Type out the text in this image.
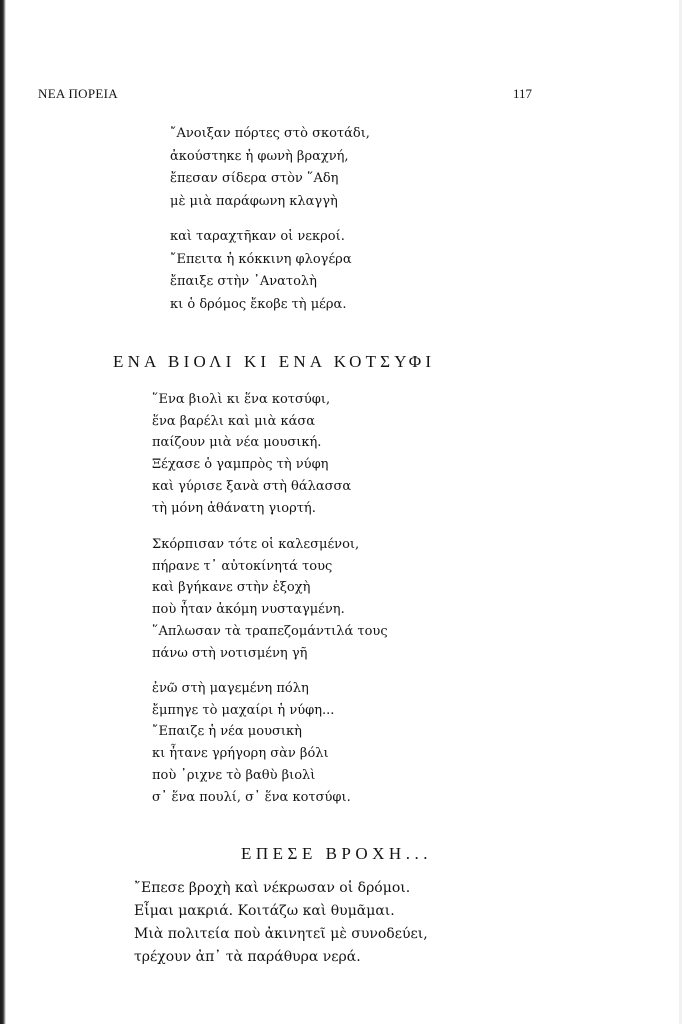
ΝΕΑ ΠΟΡΕΙΑ	117
῎Ανοιξαν πόρτες στὸ σκοτάδι,
ἀκούστηκε ἡ φωνὴ βραχνή,
ἔπεσαν σίδερα στὸν ῞Αδη
μὲ μιὰ παράφωνη κλαγγὴ
καὶ ταραχτῆκαν οἱ νεκροί.
῎Επειτα ἡ κόκκινη φλογέρα
ἔπαιξε στὴν ᾿Ανατολὴ
κι ὁ δρόμος ἔκοβε τὴ μέρα.
ΕΝΑ ΒΙΟΛΙ ΚΙ ΕΝΑ ΚΟΤΣΥΦΙ
῞Ενα βιολὶ κι ἕνα κοτσύφι,
ἕνα βαρέλι καὶ μιὰ κάσα
παίζουν μιὰ νέα μουσική.
Ξέχασε ὁ γαμπρὸς τὴ νύφη
καὶ γύρισε ξανὰ στὴ θάλασσα
τὴ μόνη ἀθάνατη γιορτή.
Σκόρπισαν τότε οἱ καλεσμένοι,
πήρανε τ᾿ αὐτοκίνητά τους
καὶ βγήκανε στὴν ἐξοχὴ
ποὺ ἦταν ἀκόμη νυσταγμένη.
῞Απλωσαν τὰ τραπεζομάντιλά τους
πάνω στὴ νοτισμένη γῆ
ἐνῶ στὴ μαγεμένη πόλη
ἔμπηγε τὸ μαχαίρι ἡ νύφη...
῎Επαιζε ἡ νέα μουσικὴ
κι ἦτανε γρήγορη σὰν βόλι
ποὺ ᾿ριχνε τὸ βαθὺ βιολὶ
σ᾿ ἕνα πουλί, σ᾿ ἕνα κοτσύφι.
ΕΠΕΣΕ ΒΡΟΧΗ...
῎Επεσε βροχὴ καὶ νέκρωσαν οἱ δρόμοι.
Εἶμαι μακριά. Κοιτάζω καὶ θυμᾶμαι.
Μιὰ πολιτεία ποὺ ἀκινητεῖ μὲ συνοδεύει,
τρέχουν ἀπ᾿ τὰ παράθυρα νερά.
